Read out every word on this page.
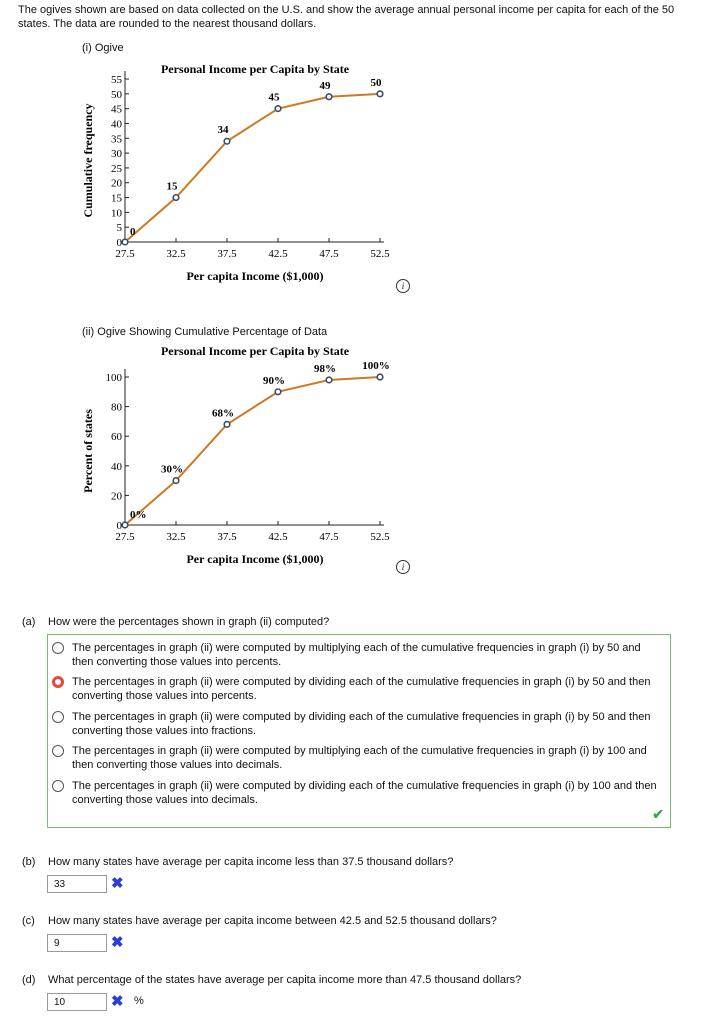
The ogives shown are based on data collected on the U.S. and show the average annual personal income per capita for each of the 50 states. The data are rounded to the nearest thousand dollars.
(i) Ogive
Personal Income per Capita by State
0
5
10
15
20
25
30
35
40
45
50
55
27.5	32.5	37.5	42.5	47.5	52.5
Per capita Income ($1,000)
Cumulative frequency
0
15
34
45
49	50
i
(ii) Ogive Showing Cumulative Percentage of Data
Personal Income per Capita by State
0
20
40
60
80
100
27.5	32.5	37.5	42.5	47.5	52.5
Per capita Income ($1,000)
Percent of states
0%
30%
68%
90%
98% 100%
i
(a) How were the percentages shown in graph (ii) computed?
The percentages in graph (ii) were computed by multiplying each of the cumulative frequencies in graph (i) by 50 and then converting those values into percents.
The percentages in graph (ii) were computed by dividing each of the cumulative frequencies in graph (i) by 50 and then converting those values into percents.
The percentages in graph (ii) were computed by dividing each of the cumulative frequencies in graph (i) by 50 and then converting those values into fractions.
The percentages in graph (ii) were computed by multiplying each of the cumulative frequencies in graph (i) by 100 and then converting those values into decimals.
The percentages in graph (ii) were computed by dividing each of the cumulative frequencies in graph (i) by 100 and then converting those values into decimals.
✔
(b) How many states have average per capita income less than 37.5 thousand dollars?
33	✖
(c) How many states have average per capita income between 42.5 and 52.5 thousand dollars?
9	✖
(d) What percentage of the states have average per capita income more than 47.5 thousand dollars?
10	✖ %
